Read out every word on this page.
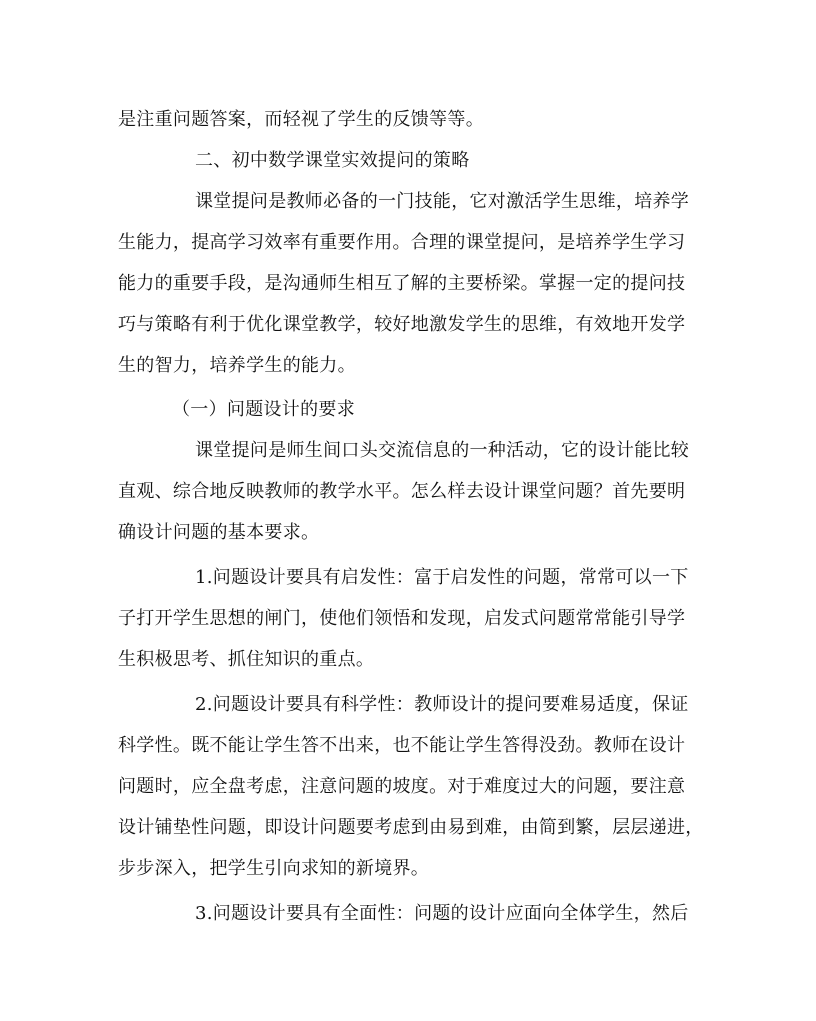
是注重问题答案，而轻视了学生的反馈等等。
二、初中数学课堂实效提问的策略
课堂提问是教师必备的一门技能，它对激活学生思维，培养学
生能力，提高学习效率有重要作用。合理的课堂提问，是培养学生学习
能力的重要手段，是沟通师生相互了解的主要桥梁。掌握一定的提问技
巧与策略有利于优化课堂教学，较好地激发学生的思维，有效地开发学
生的智力，培养学生的能力。
（一）问题设计的要求
课堂提问是师生间口头交流信息的一种活动，它的设计能比较
直观、综合地反映教师的教学水平。怎么样去设计课堂问题？首先要明
确设计问题的基本要求。
1.问题设计要具有启发性：富于启发性的问题，常常可以一下
子打开学生思想的闸门，使他们领悟和发现，启发式问题常常能引导学
生积极思考、抓住知识的重点。
2.问题设计要具有科学性：教师设计的提问要难易适度，保证
科学性。既不能让学生答不出来，也不能让学生答得没劲。教师在设计
问题时，应全盘考虑，注意问题的坡度。对于难度过大的问题，要注意
设计铺垫性问题，即设计问题要考虑到由易到难，由简到繁，层层递进，
步步深入，把学生引向求知的新境界。
3.问题设计要具有全面性：问题的设计应面向全体学生，然后
